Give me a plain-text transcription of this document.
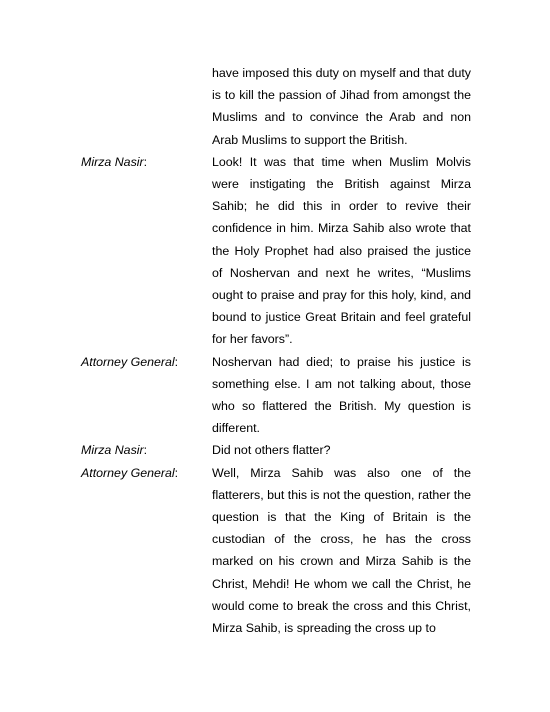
have imposed this duty on myself and that duty is to kill the passion of Jihad from amongst the Muslims and to convince the Arab and non Arab Muslims to support the British.

Mirza Nasir:	Look! It was that time when Muslim Molvis were instigating the British against Mirza Sahib; he did this in order to revive their confidence in him. Mirza Sahib also wrote that the Holy Prophet had also praised the justice of Noshervan and next he writes, “Muslims ought to praise and pray for this holy, kind, and bound to justice Great Britain and feel grateful for her favors”.

Attorney General:	Noshervan had died; to praise his justice is something else. I am not talking about, those who so flattered the British. My question is different.

Mirza Nasir:	Did not others flatter?

Attorney General:	Well, Mirza Sahib was also one of the flatterers, but this is not the question, rather the question is that the King of Britain is the custodian of the cross, he has the cross marked on his crown and Mirza Sahib is the Christ, Mehdi! He whom we call the Christ, he would come to break the cross and this Christ, Mirza Sahib, is spreading the cross up to
